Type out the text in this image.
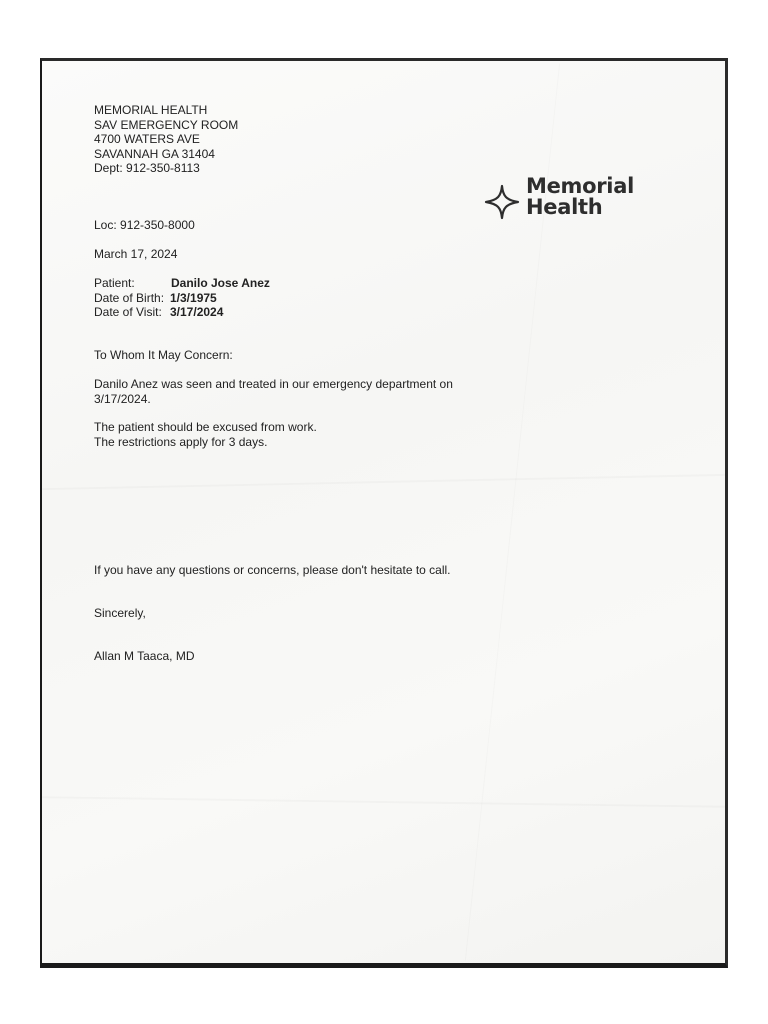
MEMORIAL HEALTH
SAV EMERGENCY ROOM
4700 WATERS AVE
SAVANNAH GA 31404
Dept: 912-350-8113
Memorial
Health
Loc: 912-350-8000
March 17, 2024
Patient:	Danilo Jose Anez
Date of Birth: 1/3/1975
Date of Visit: 3/17/2024
To Whom It May Concern:
Danilo Anez was seen and treated in our emergency department on
3/17/2024.
The patient should be excused from work.
The restrictions apply for 3 days.
If you have any questions or concerns, please don't hesitate to call.
Sincerely,
Allan M Taaca, MD
